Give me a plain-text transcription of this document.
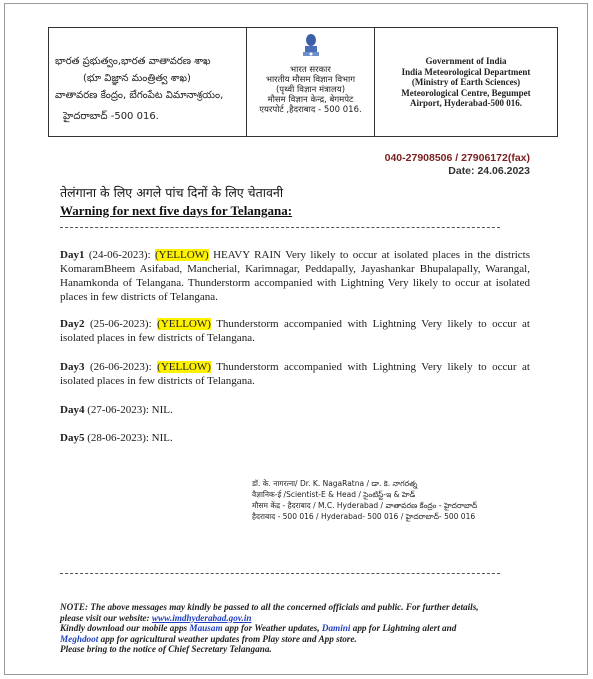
భారత ప్రభుత్వం,భారత వాతావరణ శాఖ
(భూ విజ్ఞాన మంత్రిత్వ శాఖ)
వాతావరణ కేంద్రం, బేగంపేట విమానాశ్రయం,
హైదరాబాద్ -500 016.
भारत सरकार
भारतीय मौसम विज्ञान विभाग
(पृथ्वी विज्ञान मंत्रालय)
मौसम विज्ञान केन्द्र, बेगमपेट
एयरपोर्ट ,हैदराबाद - 500 016.
Government of India
India Meteorological Department
(Ministry of Earth Sciences)
Meteorological Centre, Begumpet
Airport, Hyderabad-500 016.
040-27908506 / 27906172(fax)
Date: 24.06.2023
तेलंगाना के लिए अगले पांच दिनों के लिए चेतावनी
Warning for next five days for Telangana:
Day1 (24-06-2023): (YELLOW) HEAVY RAIN Very likely to occur at isolated places in the districts KomaramBheem Asifabad, Mancherial, Karimnagar, Peddapally, Jayashankar Bhupalapally, Warangal, Hanamkonda of Telangana. Thunderstorm accompanied with Lightning Very likely to occur at isolated places in few districts of Telangana.
Day2 (25-06-2023): (YELLOW) Thunderstorm accompanied with Lightning Very likely to occur at isolated places in few districts of Telangana.
Day3 (26-06-2023): (YELLOW) Thunderstorm accompanied with Lightning Very likely to occur at isolated places in few districts of Telangana.
Day4 (27-06-2023): NIL.
Day5 (28-06-2023): NIL.
डॉ. के. नागरत्ना/ Dr. K. NagaRatna / డా. కె. నాగరత్న
वैज्ञानिक-ई /Scientist-E & Head / సైంటిస్ట్-ఇ & హెడ్
मौसम केंद्र - हैदराबाद / M.C. Hyderabad / వాతావరణ కేంద్రం - హైదరాబాద్
हैदराबाद - 500 016 / Hyderabad- 500 016 / హైదరాబాద్- 500 016
NOTE: The above messages may kindly be passed to all the concerned officials and public. For further details,
please visit our website: www.imdhyderabad.gov.in
Kindly download our mobile apps Mausam app for Weather updates, Damini app for Lightning alert and
Meghdoot app for agricultural weather updates from Play store and App store.
Please bring to the notice of Chief Secretary Telangana.
